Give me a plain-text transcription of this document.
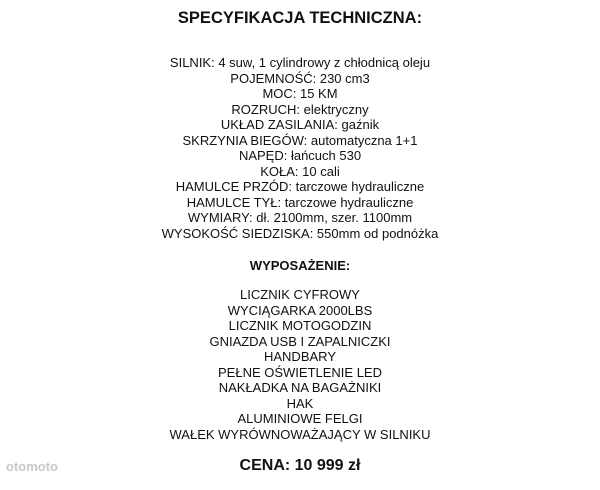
SPECYFIKACJA TECHNICZNA:
SILNIK: 4 suw, 1 cylindrowy z chłodnicą oleju
POJEMNOŚĆ: 230 cm3
MOC: 15 KM
ROZRUCH: elektryczny
UKŁAD ZASILANIA: gaźnik
SKRZYNIA BIEGÓW: automatyczna 1+1
NAPĘD: łańcuch 530
KOŁA: 10 cali
HAMULCE PRZÓD: tarczowe hydrauliczne
HAMULCE TYŁ: tarczowe hydrauliczne
WYMIARY: dł. 2100mm, szer. 1100mm
WYSOKOŚĆ SIEDZISKA: 550mm od podnóżka
WYPOSAŻENIE:
LICZNIK CYFROWY
WYCIĄGARKA 2000LBS
LICZNIK MOTOGODZIN
GNIAZDA USB I ZAPALNICZKI
HANDBARY
PEŁNE OŚWIETLENIE LED
NAKŁADKA NA BAGAŻNIKI
HAK
ALUMINIOWE FELGI
WAŁEK WYRÓWNOWAŻAJĄCY W SILNIKU
CENA: 10 999 zł
otomoto
